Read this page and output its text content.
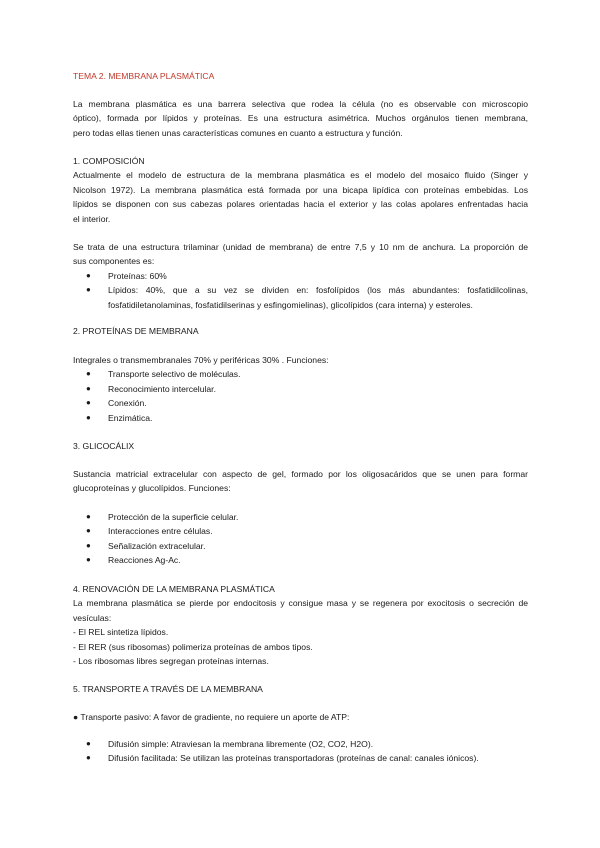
TEMA 2. MEMBRANA PLASMÁTICA

La membrana plasmática es una barrera selectiva que rodea la célula (no es observable con microscopio

óptico), formada por lípidos y proteínas. Es una estructura asimétrica. Muchos orgánulos tienen membrana,

pero todas ellas tienen unas características comunes en cuanto a estructura y función.

1. COMPOSICIÓN

Actualmente el modelo de estructura de la membrana plasmática es el modelo del mosaico fluido (Singer y

Nicolson 1972). La membrana plasmática está formada por una bicapa lipídica con proteínas embebidas. Los

lípidos se disponen con sus cabezas polares orientadas hacia el exterior y las colas apolares enfrentadas hacia

el interior.

Se trata de una estructura trilaminar (unidad de membrana) de entre 7,5 y 10 nm de anchura. La proporción de

sus componentes es:

● Proteínas: 60%
● Lípidos: 40%, que a su vez se dividen en: fosfolípidos (los más abundantes: fosfatidilcolinas,
fosfatidiletanolaminas, fosfatidilserinas y esfingomielinas), glicolípidos (cara interna) y esteroles.

2. PROTEÍNAS DE MEMBRANA

Integrales o transmembranales 70% y periféricas 30% . Funciones:

● Transporte selectivo de moléculas.
● Reconocimiento intercelular.
● Conexión.
● Enzimática.

3. GLICOCÁLIX

Sustancia matricial extracelular con aspecto de gel, formado por los oligosacáridos que se unen para formar

glucoproteínas y glucolípidos. Funciones:

● Protección de la superficie celular.
● Interacciones entre células.
● Señalización extracelular.
● Reacciones Ag-Ac.

4. RENOVACIÓN DE LA MEMBRANA PLASMÁTICA

La membrana plasmática se pierde por endocitosis y consigue masa y se regenera por exocitosis o secreción de

vesículas:

- El REL sintetiza lípidos.

- El RER (sus ribosomas) polimeriza proteínas de ambos tipos.

- Los ribosomas libres segregan proteínas internas.

5. TRANSPORTE A TRAVÉS DE LA MEMBRANA

● Transporte pasivo: A favor de gradiente, no requiere un aporte de ATP:

● Difusión simple: Atraviesan la membrana libremente (O2, CO2, H2O).
● Difusión facilitada: Se utilizan las proteínas transportadoras (proteínas de canal: canales iónicos).
